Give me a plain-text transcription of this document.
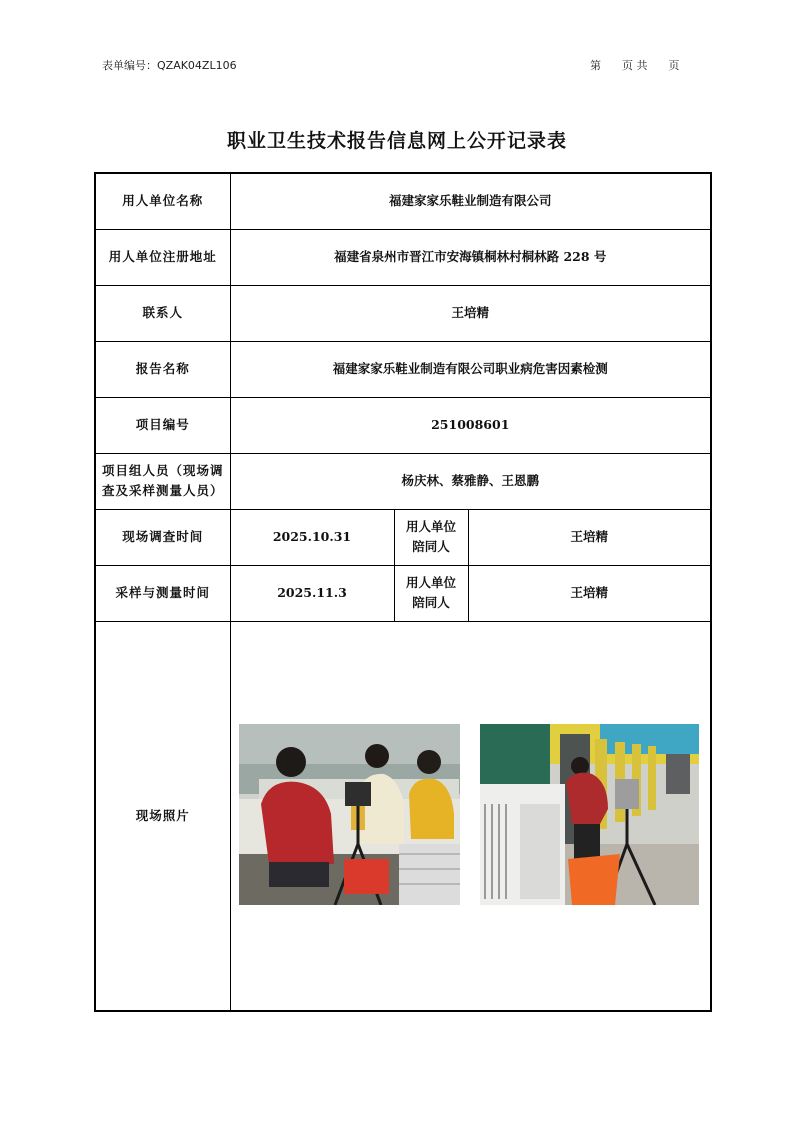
表单编号：QZAK04ZL106	第 页 共 页
职业卫生技术报告信息网上公开记录表
用人单位名称	福建家家乐鞋业制造有限公司		
用人单位注册地址	福建省泉州市晋江市安海镇桐林村桐林路 228 号		
联系人	王培精		
报告名称	福建家家乐鞋业制造有限公司职业病危害因素检测		
项目编号	251008601		
项目组人员（现场调查及采样测量人员）	杨庆林、蔡雅静、王恩鹏		
现场调查时间	2025.10.31	用人单位陪同人	王培精
采样与测量时间	2025.11.3	用人单位陪同人	王培精
现场照片	
